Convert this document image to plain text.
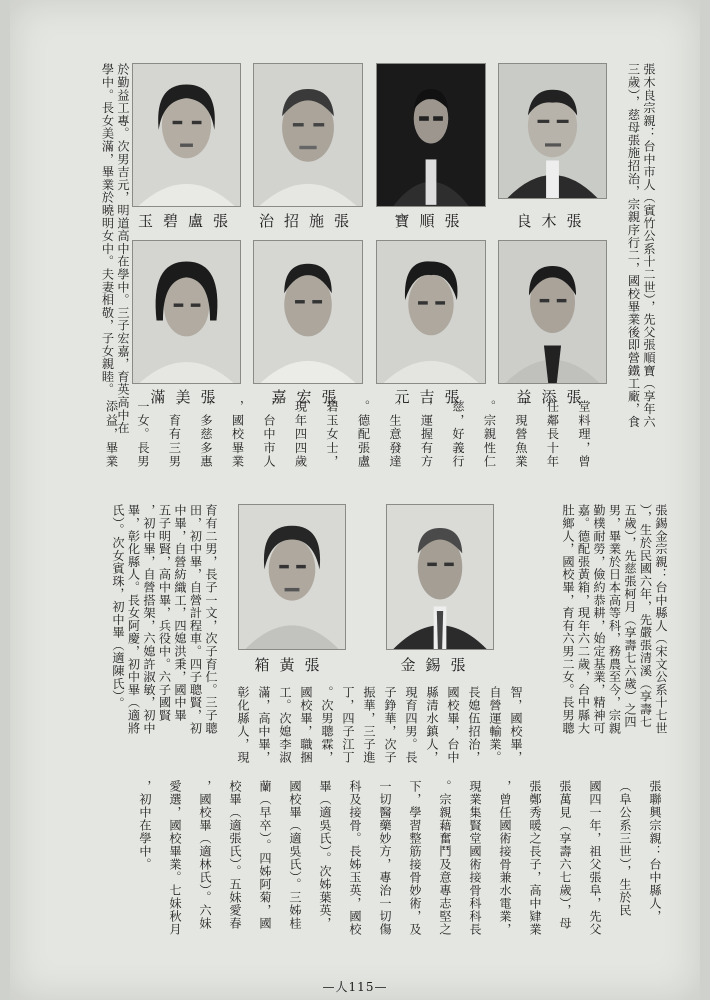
張木良宗親：台中市人（賓竹公系十二世），先父張順寶（享年六
三歲），慈母張施招治，宗親序行二，國校畢業後即營鐵工廠，食
堂料理，曾
任鄰長十年
，現營魚業
。宗親性仁
慈，好義行
，運握有方
，生意發達
。德配張盧
碧玉女士，
現年四四歲
，台中市人
，國校畢業
，多慈多惠
，育有三男
一女。長男
添益，畢業
於勤益工專。次男吉元，明道高中在學中。三子宏嘉，育英高中在
學中。長女美滿，畢業於曉明女中。夫妻相敬，子女親睦。	良木張
寶順張
治招施張
玉碧盧張
益添張
元吉張
嘉宏張
滿美張
張錫金宗親：台中縣人（宋文公系十七世
），生於民國六年，先嚴張清溪（享壽七
五歲），先慈張柯月（享壽七六歲）之四
男，畢業於日本高等科，務農至今，宗親
勤樸耐勞，儉約恭耕，始定基業，精神可
嘉。德配張黃箱，現年六二歲，台中縣大
肚鄉人，國校畢，育有六男二女。長男聰
金錫張
箱黃張
育有二男，長子一文，次子育仁。三子聰
田，初中畢，自營計程車。四子聰賢，初
中畢，自營紡織工，四媳洪秉，國中畢
五子明賢，高中畢，兵役中。六子國賢
，初中畢，自營搭架，六媳許淑敏，初中
畢，彰化縣人。長女阿慶，初中畢（適將
氏）。次女賓珠，初中畢（適陳氏）。
張聯興宗親：台中縣人，
（阜公系三世），生於民
國四一年，祖父張阜，先父
張萬見（享壽六七歲），母
張鄭秀暖之長子，高中肄業
，曾任國術接骨兼水電業，
現業集賢堂國術接骨科科長
。宗親藉奮鬥及意專志堅之
下，學習整筋接骨妙術，及
一切醫藥妙方，專治一切傷
科及接骨。長姊玉英，國校
畢（適吳氏）。次姊葉英，
國校畢（適吳氏）。三姊桂
蘭（早卒）。四姊阿菊，國
校畢（適張氏）。五妹愛春
，國校畢（適林氏）。六妹
愛選，國校畢業。七妹秋月
，初中在學中。
智，國校畢，
自營運輸業。
長媳伍招治，
國校畢，台中
縣清水鎮人，
現育四男。長
子錚華，次子
振華，三子進
丁，四子江丁
。次男聰霖，
國校畢，職捆
工。次媳李淑
滿，高中畢，
彰化縣人，現
—人115—
